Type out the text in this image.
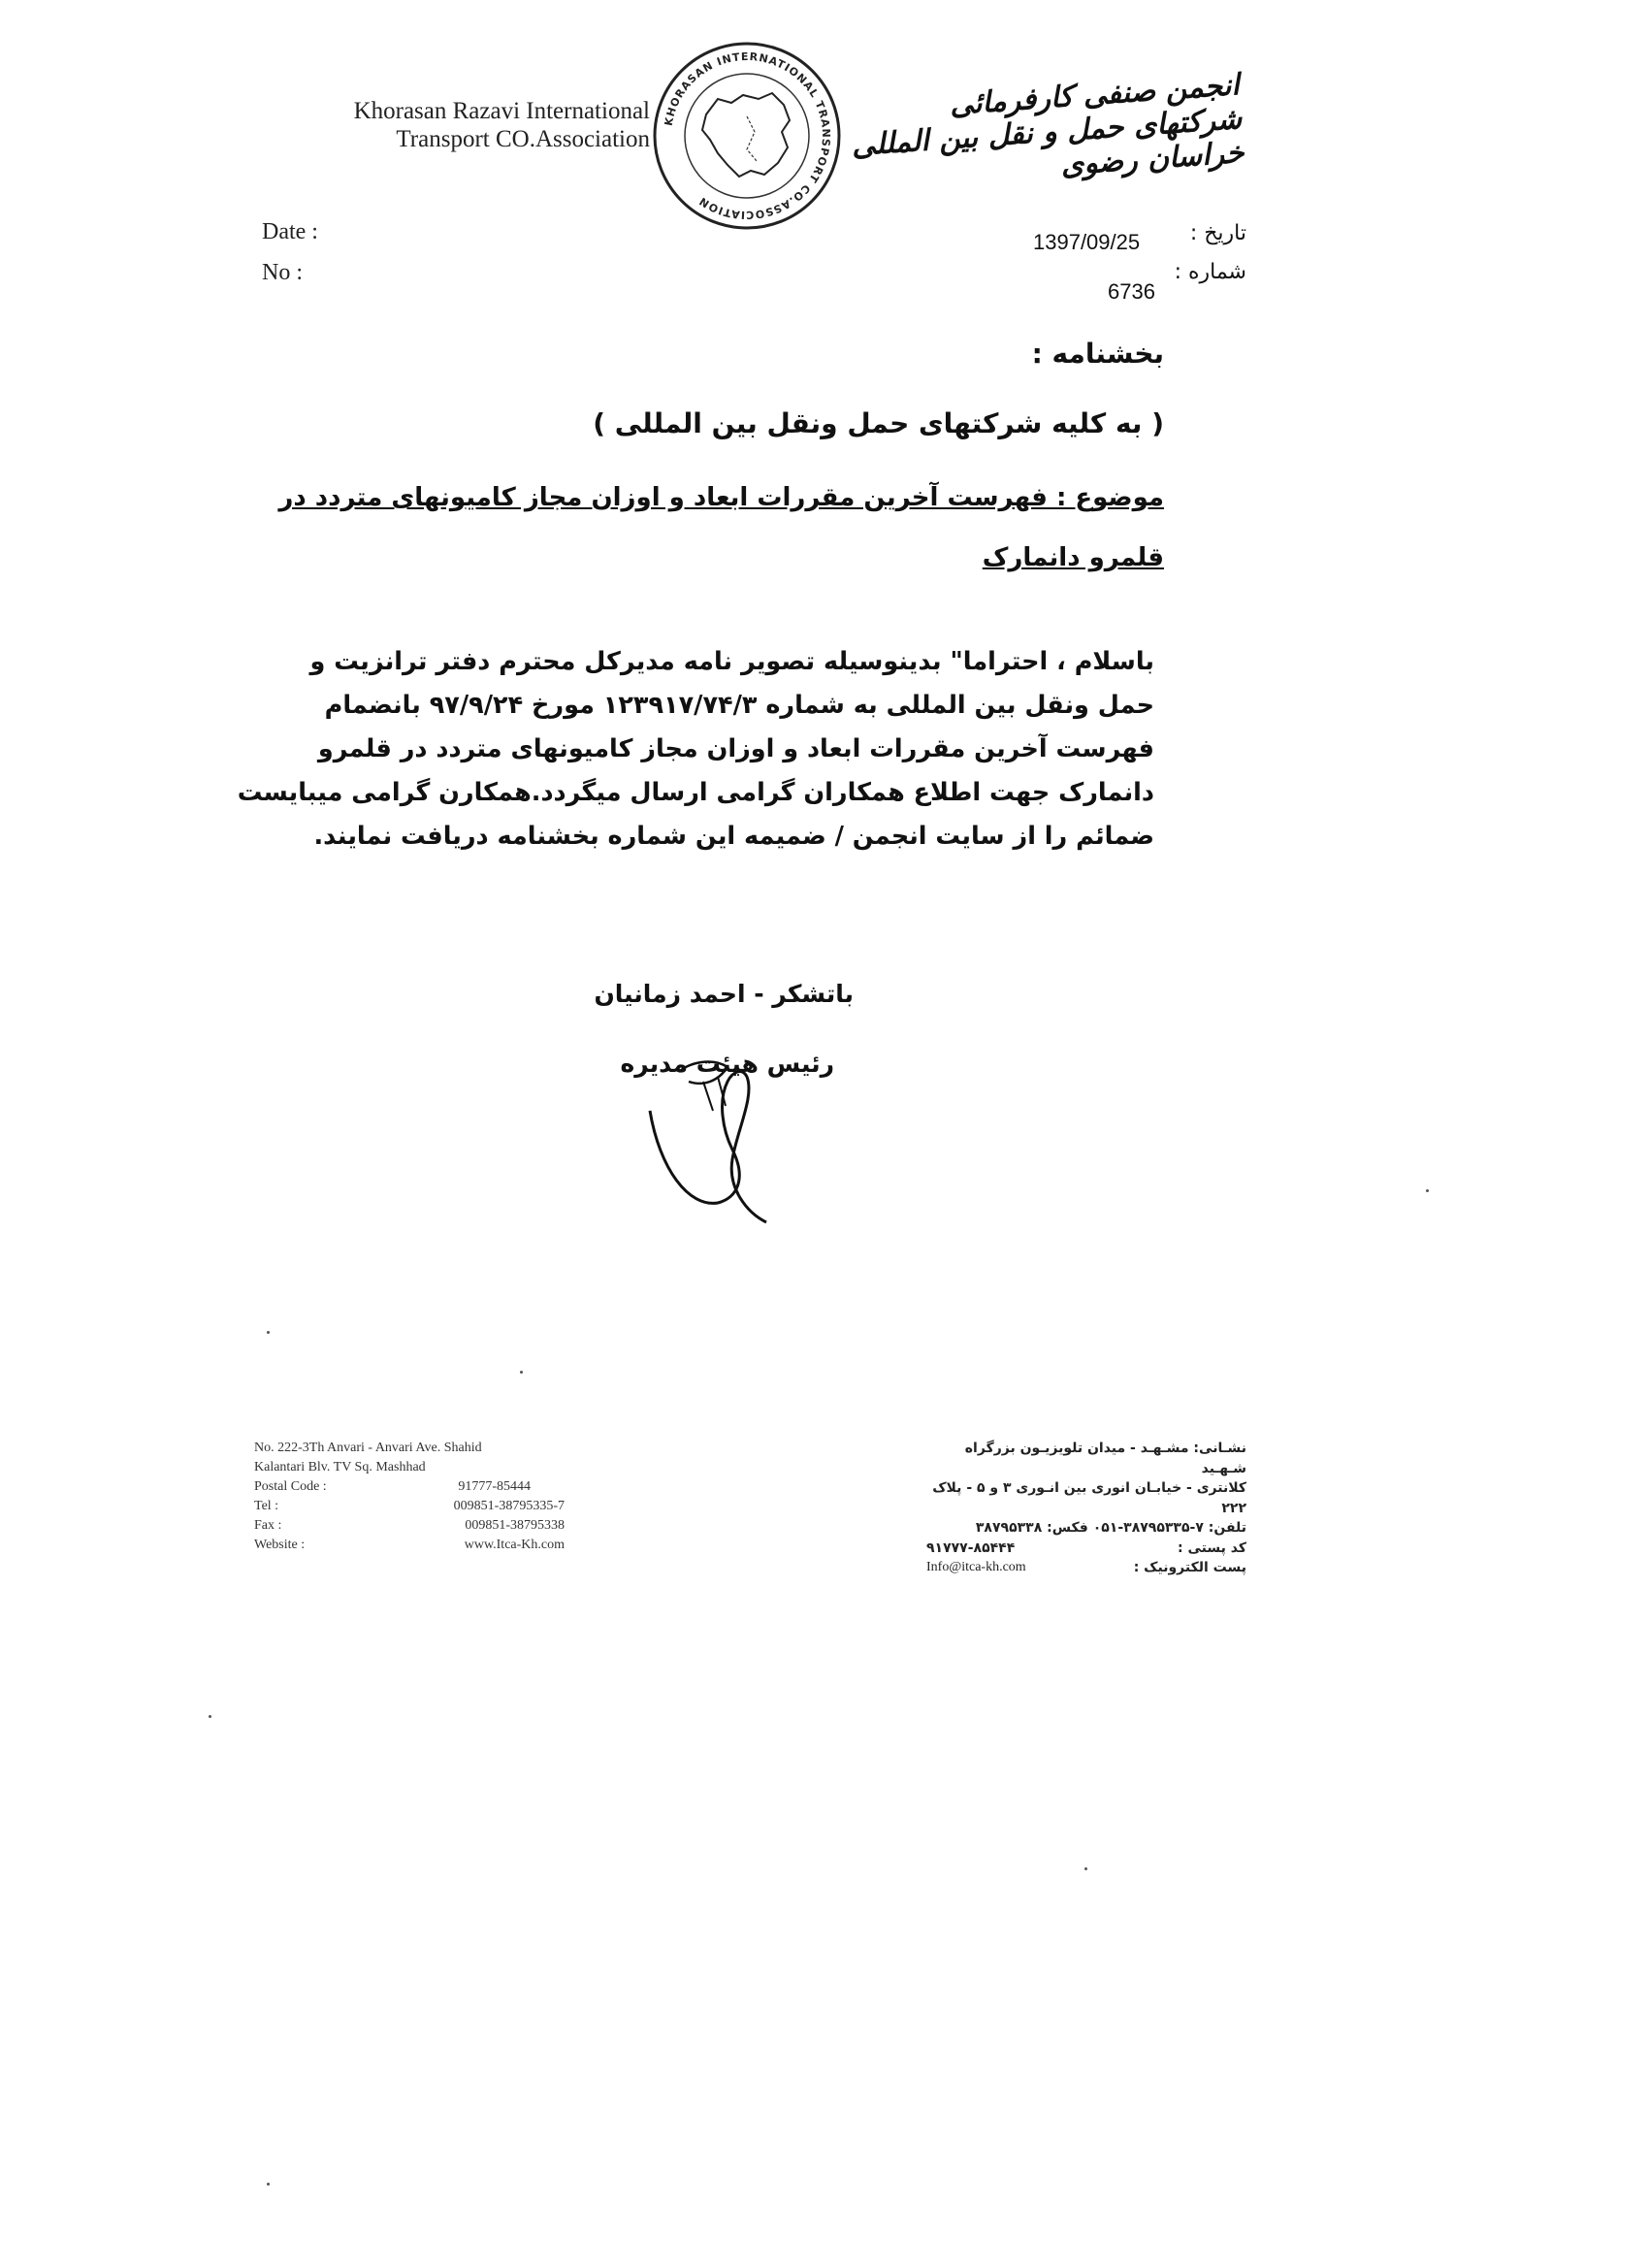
Khorasan Razavi International
Transport CO.Association
KHORASAN INTERNATIONAL TRANSPORT CO.ASSOCIATION
انجمن صنفی کارفرمائی شرکتهای حمل و نقل بین المللی خراسان رضوی
Date :
No :
تاریخ :
1397/09/25
شماره :
6736
بخشنامه :
( به کلیه شرکتهای حمل ونقل بین المللی )
موضوع : فهرست آخرین مقررات ابعاد و اوزان مجاز کامیونهای متردد در
قلمرو دانمارک
باسلام ، احتراما" بدینوسیله تصویر نامه مدیرکل محترم دفتر ترانزیت و
حمل ونقل بین المللی به شماره ۱۲۳۹۱۷/۷۴/۳ مورخ ۹۷/۹/۲۴ بانضمام
فهرست آخرین مقررات ابعاد و اوزان مجاز کامیونهای متردد در قلمرو
دانمارک جهت اطلاع همکاران گرامی ارسال میگردد.همکارن گرامی میبایست
ضمائم را از سایت انجمن / ضمیمه این شماره بخشنامه دریافت نمایند.
باتشکر - احمد زمانیان
رئیس هیئت مدیره
No. 222-3Th Anvari - Anvari Ave. Shahid
Kalantari Blv. TV Sq. Mashhad
Postal Code :	91777-85444
Tel :	009851-38795335-7
Fax :	009851-38795338
Website :	www.Itca-Kh.com
نشـانی: مشـهـد - میدان تلویزیـون بزرگراه شـهـید
کلانتری - خیابـان انوری بین انـوری ۳ و ۵ - پلاک ۲۲۲
تلفن: ۷-۳۸۷۹۵۳۳۵-۰۵۱ فکس: ۳۸۷۹۵۳۳۸
کد پستی :
۹۱۷۷۷-۸۵۴۴۴
پست الکترونیک :
Info@itca-kh.com
